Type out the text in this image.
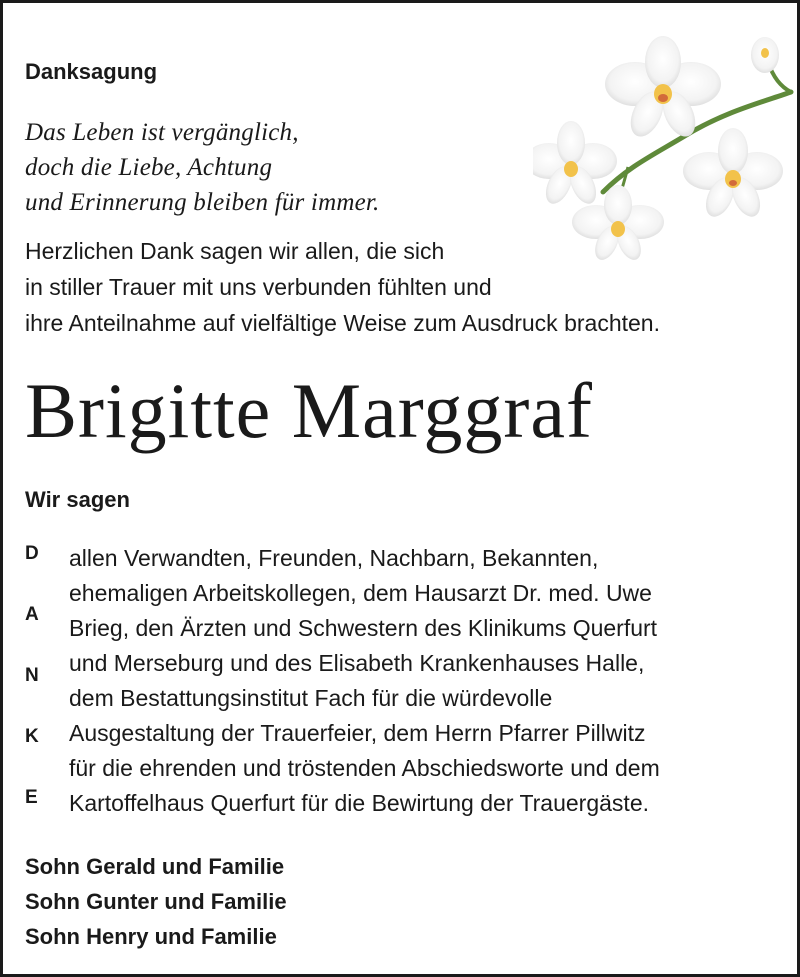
Danksagung
Das Leben ist vergänglich,
doch die Liebe, Achtung
und Erinnerung bleiben für immer.
Herzlichen Dank sagen wir allen, die sich
in stiller Trauer mit uns verbunden fühlten und
ihre Anteilnahme auf vielfältige Weise zum Ausdruck brachten.
Brigitte Marggraf
Wir sagen
D
A
N
K
E
allen Verwandten, Freunden, Nachbarn, Bekannten,
ehemaligen Arbeitskollegen, dem Hausarzt Dr. med. Uwe
Brieg, den Ärzten und Schwestern des Klinikums Querfurt
und Merseburg und des Elisabeth Krankenhauses Halle,
dem Bestattungsinstitut Fach für die würdevolle
Ausgestaltung der Trauerfeier, dem Herrn Pfarrer Pillwitz
für die ehrenden und tröstenden Abschiedsworte und dem
Kartoffelhaus Querfurt für die Bewirtung der Trauergäste.
Sohn Gerald und Familie
Sohn Gunter und Familie
Sohn Henry und Familie
